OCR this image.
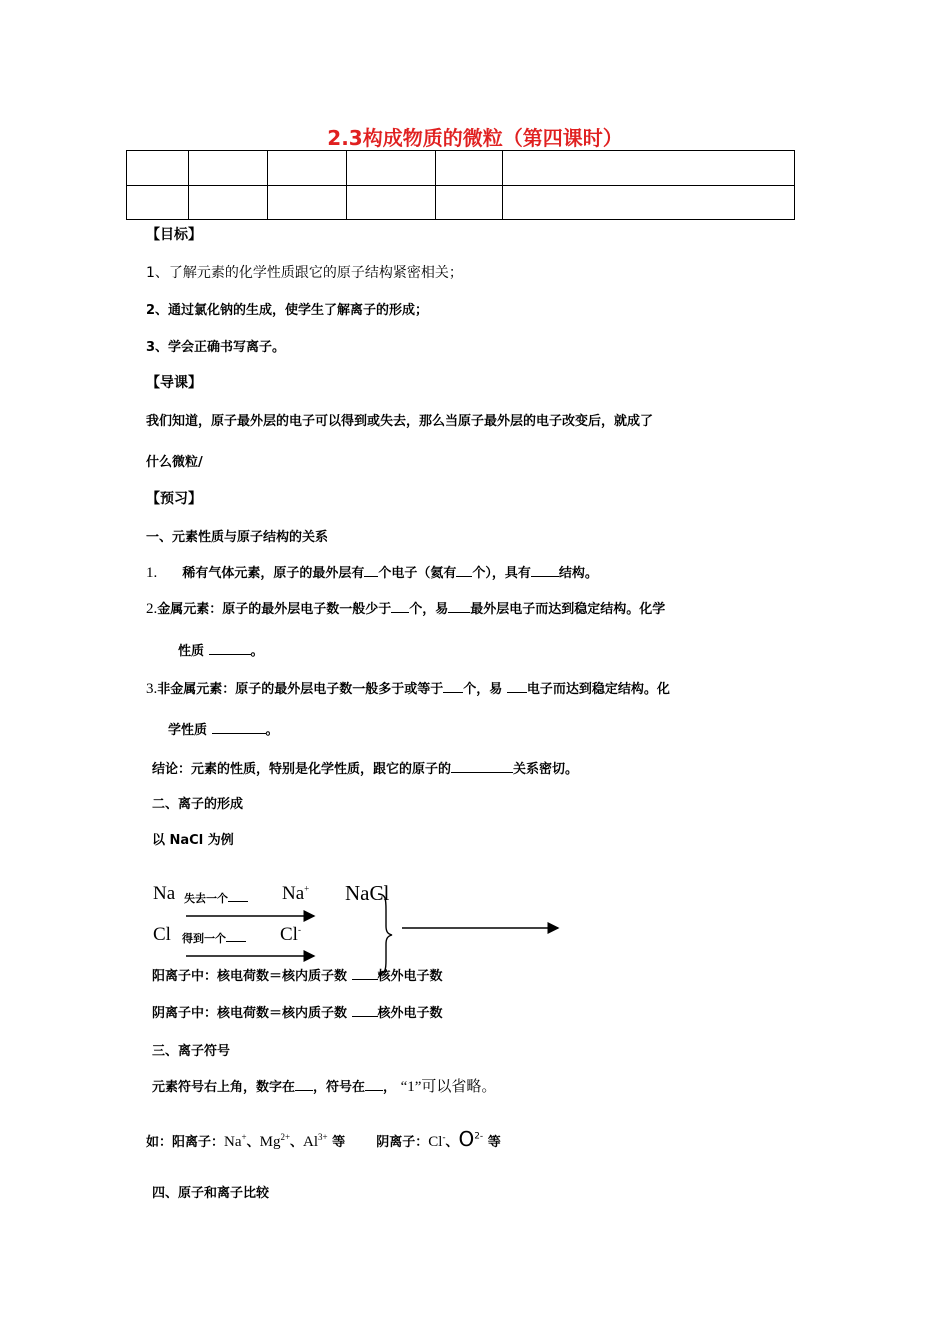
2.3构成物质的微粒（第四课时）

【目标】
1、了解元素的化学性质跟它的原子结构紧密相关；
2、通过氯化钠的生成，使学生了解离子的形成；
3、学会正确书写离子。
【导课】
我们知道，原子最外层的电子可以得到或失去，那么当原子最外层的电子改变后，就成了
什么微粒/
【预习】
一、元素性质与原子结构的关系
1. 稀有气体元素，原子的最外层有 个电子（氦有 个），具有 结构。
2.金属元素：原子的最外层电子数一般少于 个，易 最外层电子而达到稳定结构。化学
性质	。
3.非金属元素：原子的最外层电子数一般多于或等于 个，易 电子而达到稳定结构。化
学性质	。
结论：元素的性质，特别是化学性质，跟它的原子的	关系密切。
二、离子的形成
以 NaCl 为例
Na 失去一个	Na+ NaCl
Cl 得到一个	Cl-
阳离子中：核电荷数＝核内质子数 核外电子数
阴离子中：核电荷数＝核内质子数 核外电子数
三、离子符号
元素符号右上角，数字在 ，符号在 ， “1”可以省略。
如：阳离子：Na+、$Mg^{2+}$、$Al^{3+}$ 等 阴离子：Cl-、$O^{2-}$ 等
四、原子和离子比较
